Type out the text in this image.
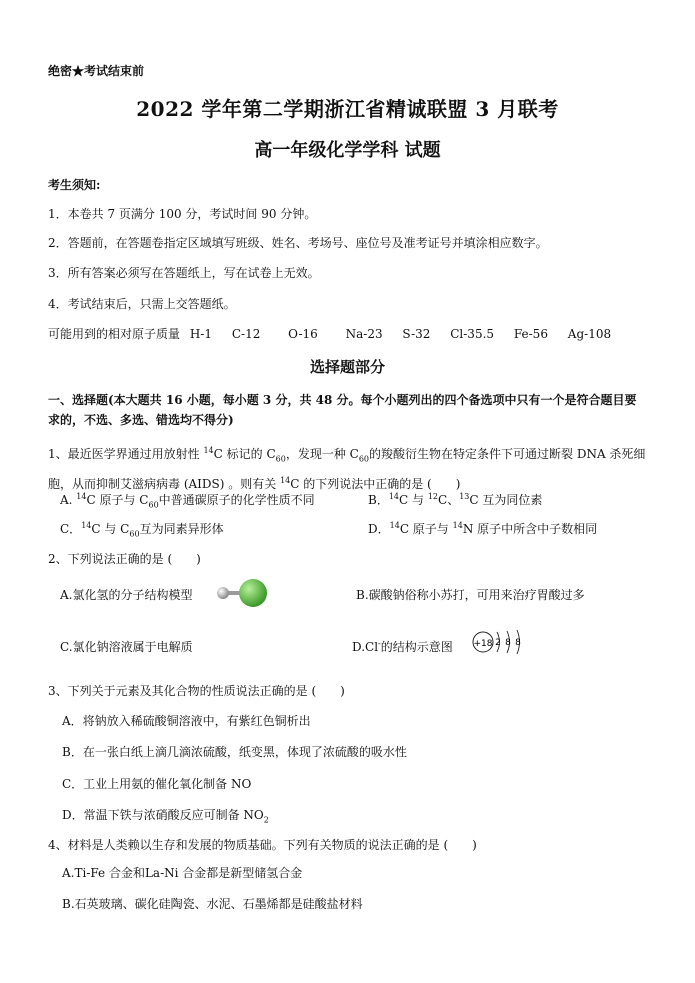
绝密★考试结束前
2022 学年第二学期浙江省精诚联盟 3 月联考
高一年级化学学科 试题
考生须知:
1．本卷共 7 页满分 100 分，考试时间 90 分钟。
2．答题前，在答题卷指定区域填写班级、姓名、考场号、座位号及准考证号并填涂相应数字。
3．所有答案必须写在答题纸上，写在试卷上无效。
4．考试结束后，只需上交答题纸。
可能用到的相对原子质量 H-1 C-12 O-16 Na-23 S-32 Cl-35.5 Fe-56 Ag-108
选择题部分
一、选择题(本大题共 16 小题，每小题 3 分，共 48 分。每个小题列出的四个备选项中只有一个是符合题目要求的，不选、多选、错选均不得分)
1、最近医学界通过用放射性 $^{14}$C 标记的 $C_{60}$，发现一种 $C_{60}$的羧酸衍生物在特定条件下可通过断裂 DNA 杀死细胞，从而抑制艾滋病病毒 (AIDS) 。则有关 $^{14}$C 的下列说法中正确的是 (　　)
A. $^{14}$C 原子与 $C_{60}$中普通碳原子的化学性质不同	B．$^{14}$C 与 $^{12}$C、$^{13}$C 互为同位素
C．$^{14}$C 与 $C_{60}$互为同素异形体	D．$^{14}$C 原子与 $^{14}$N 原子中所含中子数相同
2、下列说法正确的是 (　　)
A.氯化氢的分子结构模型	B.碳酸钠俗称小苏打，可用来治疗胃酸过多
C.氯化钠溶液属于电解质	D.Cl-的结构示意图 +18 2 8 8
3、下列关于元素及其化合物的性质说法正确的是 (　　)
A．将钠放入稀硫酸铜溶液中，有紫红色铜析出
B．在一张白纸上滴几滴浓硫酸，纸变黑，体现了浓硫酸的吸水性
C．工业上用氨的催化氧化制备 NO
D．常温下铁与浓硝酸反应可制备 $NO_2$
4、材料是人类赖以生存和发展的物质基础。下列有关物质的说法正确的是 (　　)
A.Ti-Fe 合金和La-Ni 合金都是新型储氢合金
B.石英玻璃、碳化硅陶瓷、水泥、石墨烯都是硅酸盐材料
